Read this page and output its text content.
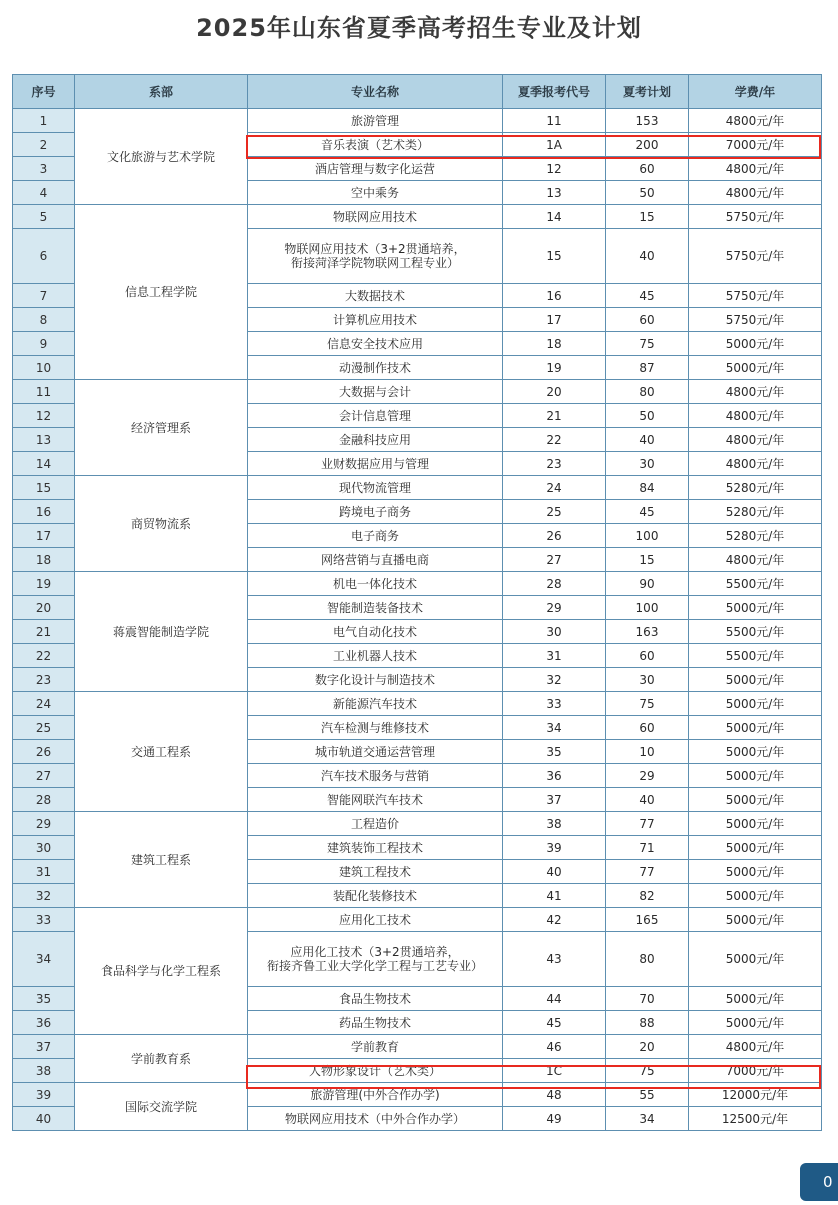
2025年山东省夏季高考招生专业及计划
序号	系部	专业名称	夏季报考代号	夏考计划	学费/年
1	文化旅游与艺术学院	旅游管理	11	153	4800元/年
2		音乐表演（艺术类）	1A	200	7000元/年
3		酒店管理与数字化运营	12	60	4800元/年
4		空中乘务	13	50	4800元/年
5	信息工程学院	物联网应用技术	14	15	5750元/年
6		物联网应用技术（3+2贯通培养，
衔接菏泽学院物联网工程专业）	15	40	5750元/年
7		大数据技术	16	45	5750元/年
8		计算机应用技术	17	60	5750元/年
9		信息安全技术应用	18	75	5000元/年
10		动漫制作技术	19	87	5000元/年
11	经济管理系	大数据与会计	20	80	4800元/年
12		会计信息管理	21	50	4800元/年
13		金融科技应用	22	40	4800元/年
14		业财数据应用与管理	23	30	4800元/年
15	商贸物流系	现代物流管理	24	84	5280元/年
16		跨境电子商务	25	45	5280元/年
17		电子商务	26	100	5280元/年
18		网络营销与直播电商	27	15	4800元/年
19	蒋震智能制造学院	机电一体化技术	28	90	5500元/年
20		智能制造装备技术	29	100	5000元/年
21		电气自动化技术	30	163	5500元/年
22		工业机器人技术	31	60	5500元/年
23		数字化设计与制造技术	32	30	5000元/年
24	交通工程系	新能源汽车技术	33	75	5000元/年
25		汽车检测与维修技术	34	60	5000元/年
26		城市轨道交通运营管理	35	10	5000元/年
27		汽车技术服务与营销	36	29	5000元/年
28		智能网联汽车技术	37	40	5000元/年
29	建筑工程系	工程造价	38	77	5000元/年
30		建筑装饰工程技术	39	71	5000元/年
31		建筑工程技术	40	77	5000元/年
32		装配化装修技术	41	82	5000元/年
33	食品科学与化学工程系	应用化工技术	42	165	5000元/年
34		应用化工技术（3+2贯通培养，
衔接齐鲁工业大学化学工程与工艺专业）	43	80	5000元/年
35		食品生物技术	44	70	5000元/年
36		药品生物技术	45	88	5000元/年
37	学前教育系	学前教育	46	20	4800元/年
38		人物形象设计（艺术类）	1C	75	7000元/年
39	国际交流学院	旅游管理(中外合作办学)	48	55	12000元/年
40		物联网应用技术（中外合作办学）	49	34	12500元/年
0
